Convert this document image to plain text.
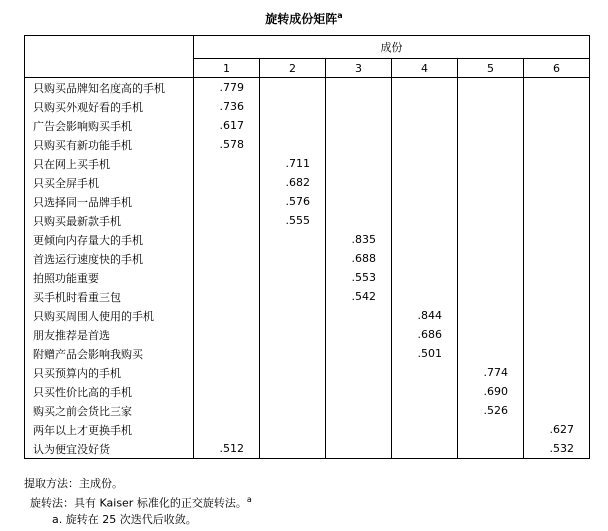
旋转成份矩阵$^a$
	成份					
	1	2	3	4	5	6
只购买品牌知名度高的手机	.779					
只购买外观好看的手机	.736					
广告会影响购买手机	.617					
只购买有新功能手机	.578					
只在网上买手机		.711				
只买全屏手机		.682				
只选择同一品牌手机		.576				
只购买最新款手机		.555				
更倾向内存量大的手机			.835			
首选运行速度快的手机			.688			
拍照功能重要			.553			
买手机时看重三包			.542			
只购买周围人使用的手机				.844		
朋友推荐是首选				.686		
附赠产品会影响我购买				.501		
只买预算内的手机					.774	
只买性价比高的手机					.690	
购买之前会货比三家					.526	
两年以上才更换手机						.627
认为便宜没好货	.512					.532
提取方法：主成份。
旋转法：具有 Kaiser 标准化的正交旋转法。$^a$
a. 旋转在 25 次迭代后收敛。
